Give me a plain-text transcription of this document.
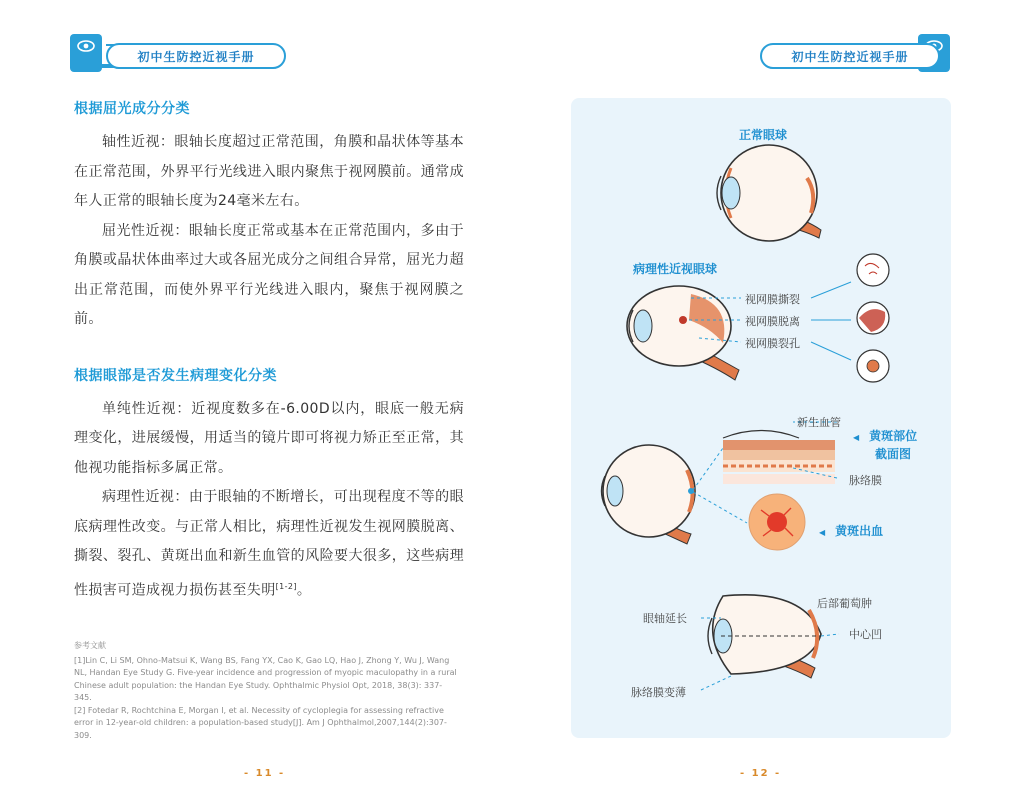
初中生防控近视手册	初中生防控近视手册
根据屈光成分分类

轴性近视：眼轴长度超过正常范围，角膜和晶状体等基本在正常范围，外界平行光线进入眼内聚焦于视网膜前。通常成年人正常的眼轴长度为24毫米左右。

屈光性近视：眼轴长度正常或基本在正常范围内，多由于角膜或晶状体曲率过大或各屈光成分之间组合异常，屈光力超出正常范围，而使外界平行光线进入眼内，聚焦于视网膜之前。

根据眼部是否发生病理变化分类

单纯性近视：近视度数多在-6.00D以内，眼底一般无病理变化，进展缓慢，用适当的镜片即可将视力矫正至正常，其他视功能指标多属正常。

病理性近视：由于眼轴的不断增长，可出现程度不等的眼底病理性改变。与正常人相比，病理性近视发生视网膜脱离、撕裂、裂孔、黄斑出血和新生血管的风险要大很多，这些病理性损害可造成视力损伤甚至失明[1-2]。

参考文献
[1]Lin C, Li SM, Ohno-Matsui K, Wang BS, Fang YX, Cao K, Gao LQ, Hao J, Zhong Y, Wu J, Wang NL, Handan Eye Study G. Five-year incidence and progression of myopic maculopathy in a rural Chinese adult population: the Handan Eye Study. Ophthalmic Physiol Opt, 2018, 38(3): 337-345.
[2] Fotedar R, Rochtchina E, Morgan I, et al. Necessity of cycloplegia for assessing refractive error in 12-year-old children: a population-based study[J]. Am J Ophthalmol,2007,144(2):307-309.
- 11 -	- 12 -
正常眼球
病理性近视眼球
视网膜撕裂
视网膜脱离
视网膜裂孔
新生血管
◀ 黄斑部位
截面图
脉络膜
◀ 黄斑出血
后部葡萄肿
眼轴延长
中心凹
脉络膜变薄
